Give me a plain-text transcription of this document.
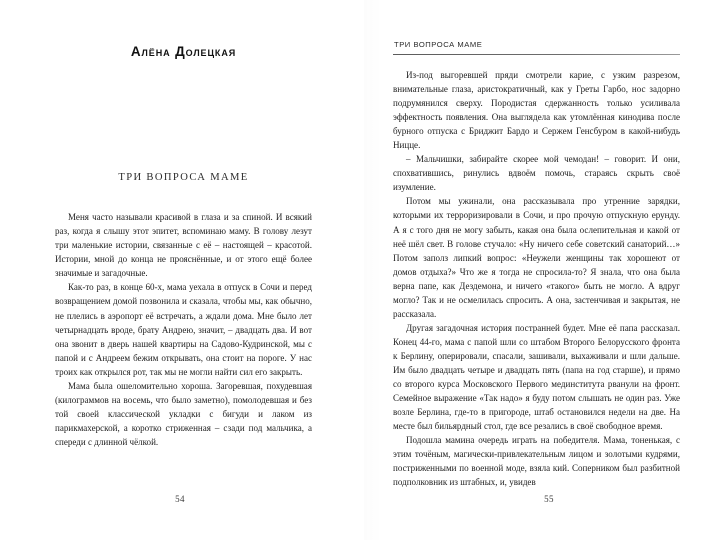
Алёна Долецкая
ТРИ ВОПРОСА МАМЕ

Меня часто называли красивой в глаза и за спиной. И всякий раз, когда я слышу этот эпитет, вспоминаю маму. В голову лезут три маленькие истории, связанные с её – настоящей – красотой. Истории, мной до конца не прояснённые, и от этого ещё более значимые и загадочные.

Как-то раз, в конце 60-х, мама уехала в отпуск в Сочи и перед возвращением домой позвонила и сказала, чтобы мы, как обычно, не плелись в аэропорт её встречать, а ждали дома. Мне было лет четырнадцать вроде, брату Андрею, значит, – двадцать два. И вот она звонит в дверь нашей квартиры на Садово-Кудринской, мы с папой и с Андреем бежим открывать, она стоит на пороге. У нас троих как открылся рот, так мы не могли найти сил его закрыть.

Мама была ошеломительно хороша. Загоревшая, похудевшая (килограммов на восемь, что было заметно), помолодевшая и без той своей классической укладки с бигуди и лаком из парикмахерской, а коротко стриженная – сзади под мальчика, а спереди с длинной чёлкой.

54
ТРИ ВОПРОСА МАМЕ

Из-под выгоревшей пряди смотрели карие, с узким разрезом, внимательные глаза, аристократичный, как у Греты Гарбо, нос задорно подрумянился сверху. Породистая сдержанность только усиливала эффектность появления. Она выглядела как утомлённая кинодива после бурного отпуска с Бриджит Бардо и Сержем Генсбуром в какой-нибудь Ницце.

– Мальчишки, забирайте скорее мой чемодан! – говорит. И они, спохватившись, ринулись вдвоём помочь, стараясь скрыть своё изумление.

Потом мы ужинали, она рассказывала про утренние зарядки, которыми их терроризировали в Сочи, и про прочую отпускную ерунду. А я с того дня не могу забыть, какая она была ослепительная и какой от неё шёл свет. В голове стучало: «Ну ничего себе советский санаторий…» Потом заполз липкий вопрос: «Неужели женщины так хорошеют от домов отдыха?» Что же я тогда не спросила-то? Я знала, что она была верна папе, как Дездемона, и ничего «такого» быть не могло. А вдруг могло? Так и не осмелилась спросить. А она, застенчивая и закрытая, не рассказала.

Другая загадочная история постранней будет. Мне её папа рассказал. Конец 44-го, мама с папой шли со штабом Второго Белорусского фронта к Берлину, оперировали, спасали, зашивали, выхаживали и шли дальше. Им было двадцать четыре и двадцать пять (папа на год старше), и прямо со второго курса Московского Первого мединститута рванули на фронт. Семейное выражение «Так надо» я буду потом слышать не один раз. Уже возле Берлина, где-то в пригороде, штаб остановился недели на две. На месте был бильярдный стол, где все резались в своё свободное время.

Подошла мамина очередь играть на победителя. Мама, тоненькая, с этим точёным, магически-привлекательным лицом и золотыми кудрями, постриженными по военной моде, взяла кий. Соперником был разбитной подполковник из штабных, и, увидев

55
